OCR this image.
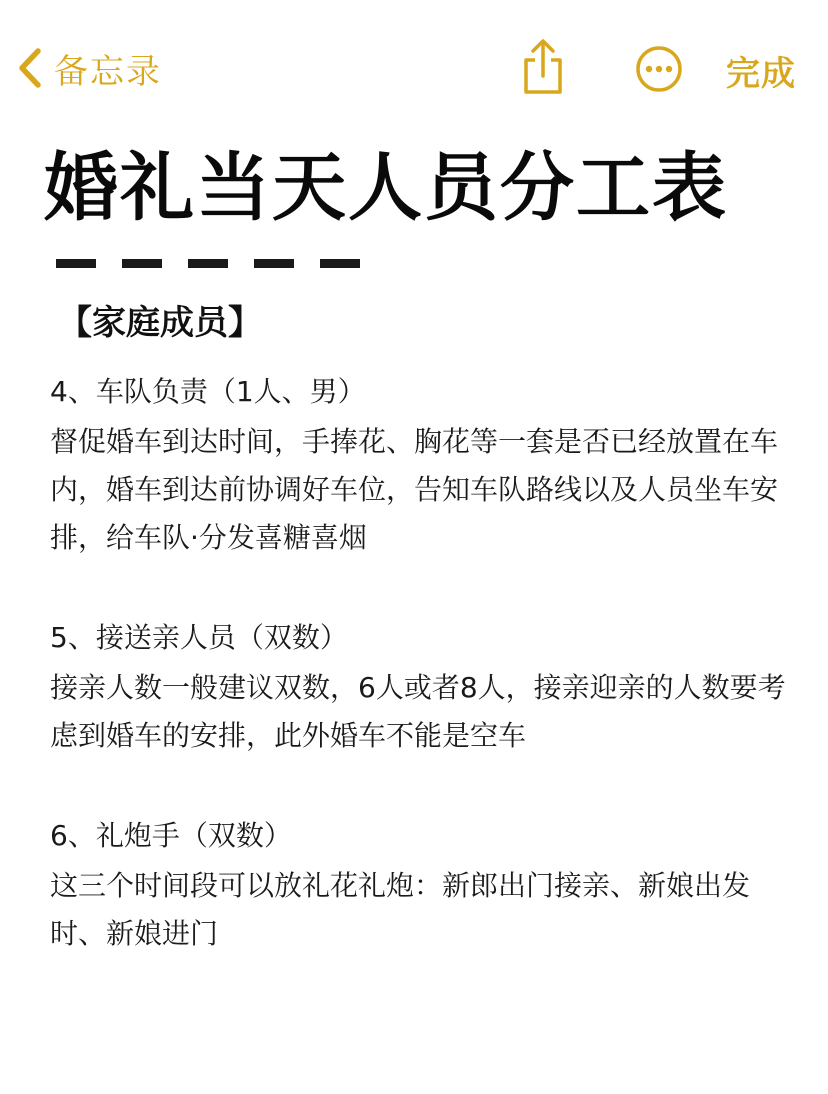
备忘录	完成
婚礼当天人员分工表
【家庭成员】
4、车队负责（1人、男）
督促婚车到达时间，手捧花、胸花等一套是否已经放置在车内，婚车到达前协调好车位，告知车队路线以及人员坐车安排，给车队·分发喜糖喜烟
5、接送亲人员（双数）
接亲人数一般建议双数，6人或者8人，接亲迎亲的人数要考虑到婚车的安排，此外婚车不能是空车
6、礼炮手（双数）
这三个时间段可以放礼花礼炮：新郎出门接亲、新娘出发时、新娘进门
